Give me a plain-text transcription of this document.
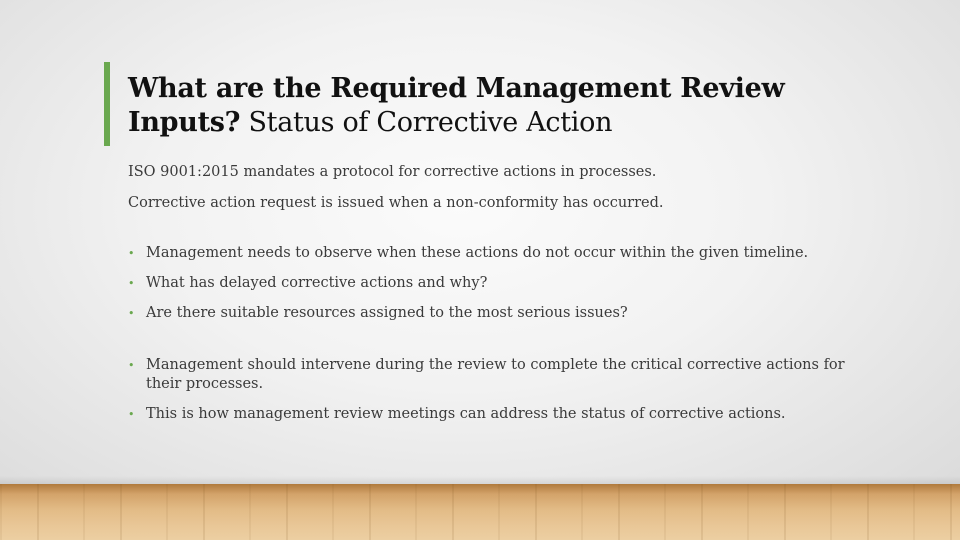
What are the Required Management Review Inputs? Status of Corrective Action
ISO 9001:2015 mandates a protocol for corrective actions in processes.
Corrective action request is issued when a non-conformity has occurred.
• Management needs to observe when these actions do not occur within the given timeline.
• What has delayed corrective actions and why?
• Are there suitable resources assigned to the most serious issues?
• Management should intervene during the review to complete the critical corrective actions for their processes.
• This is how management review meetings can address the status of corrective actions.
